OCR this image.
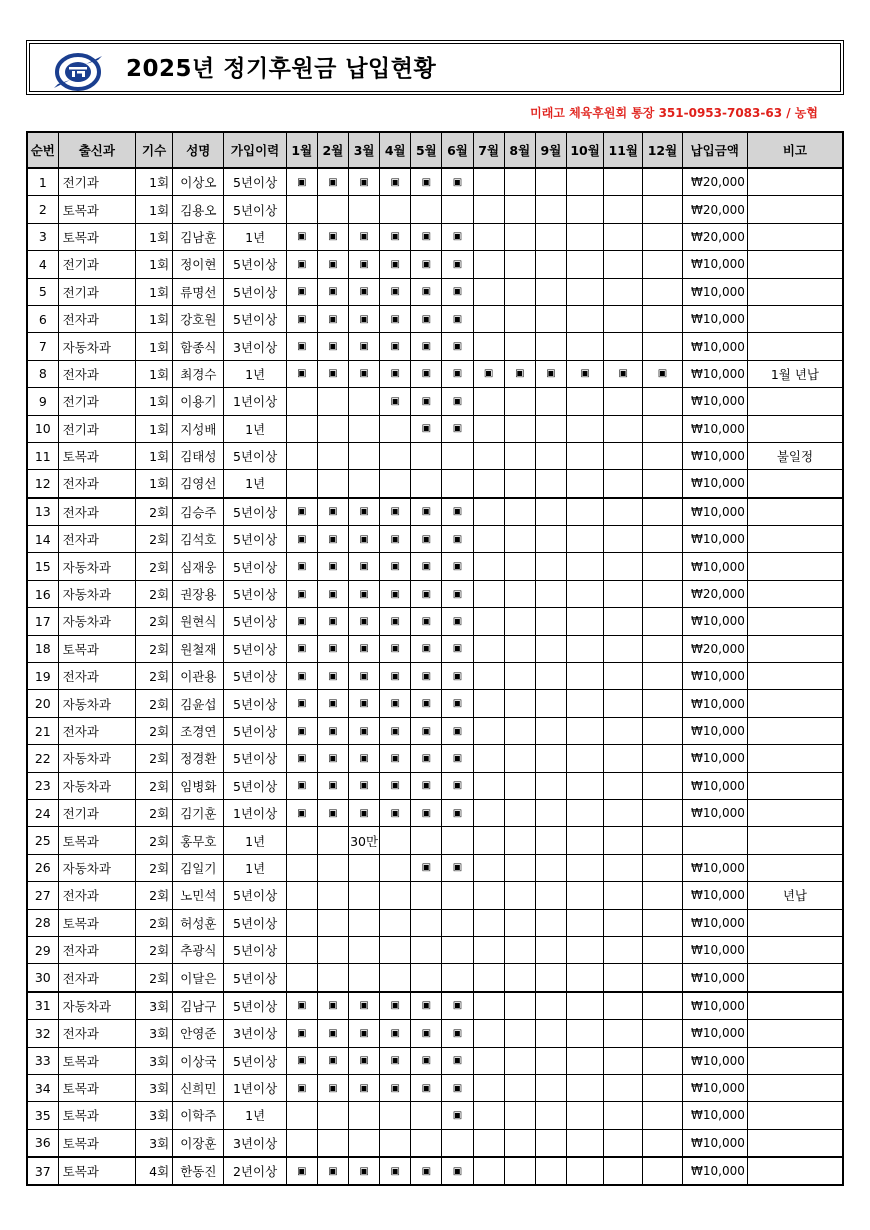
2025년 정기후원금 납입현황
미래고 체육후원회 통장 351-0953-7083-63 / 농협
순번	출신과	기수	성명	가입이력	1월	2월	3월	4월	5월	6월	7월	8월	9월	10월	11월	12월	납입금액	비고
1	전기과	1회	이상오	5년이상	▣	▣	▣	▣	▣	▣							₩20,000	
2	토목과	1회	김용오	5년이상													₩20,000	
3	토목과	1회	김남훈	1년	▣	▣	▣	▣	▣	▣							₩20,000	
4	전기과	1회	정이현	5년이상	▣	▣	▣	▣	▣	▣							₩10,000	
5	전기과	1회	류명선	5년이상	▣	▣	▣	▣	▣	▣							₩10,000	
6	전자과	1회	강호원	5년이상	▣	▣	▣	▣	▣	▣							₩10,000	
7	자동차과	1회	함종식	3년이상	▣	▣	▣	▣	▣	▣							₩10,000	
8	전자과	1회	최경수	1년	▣	▣	▣	▣	▣	▣	▣	▣	▣	▣	▣	▣	₩10,000	1월 년납
9	전기과	1회	이용기	1년이상				▣	▣	▣							₩10,000	
10	전기과	1회	지성배	1년					▣	▣							₩10,000	
11	토목과	1회	김태성	5년이상													₩10,000	불일정
12	전자과	1회	김영선	1년													₩10,000	
13	전자과	2회	김승주	5년이상	▣	▣	▣	▣	▣	▣							₩10,000	
14	전자과	2회	김석호	5년이상	▣	▣	▣	▣	▣	▣							₩10,000	
15	자동차과	2회	심재웅	5년이상	▣	▣	▣	▣	▣	▣							₩10,000	
16	자동차과	2회	권장용	5년이상	▣	▣	▣	▣	▣	▣							₩20,000	
17	자동차과	2회	원현식	5년이상	▣	▣	▣	▣	▣	▣							₩10,000	
18	토목과	2회	원철재	5년이상	▣	▣	▣	▣	▣	▣							₩20,000	
19	전자과	2회	이관용	5년이상	▣	▣	▣	▣	▣	▣							₩10,000	
20	자동차과	2회	김윤섭	5년이상	▣	▣	▣	▣	▣	▣							₩10,000	
21	전자과	2회	조경연	5년이상	▣	▣	▣	▣	▣	▣							₩10,000	
22	자동차과	2회	정경환	5년이상	▣	▣	▣	▣	▣	▣							₩10,000	
23	자동차과	2회	임병화	5년이상	▣	▣	▣	▣	▣	▣							₩10,000	
24	전기과	2회	김기훈	1년이상	▣	▣	▣	▣	▣	▣							₩10,000	
25	토목과	2회	홍무호	1년			30만											
26	자동차과	2회	김일기	1년					▣	▣							₩10,000	
27	전자과	2회	노민석	5년이상													₩10,000	년납
28	토목과	2회	허성훈	5년이상													₩10,000	
29	전자과	2회	추광식	5년이상													₩10,000	
30	전자과	2회	이달은	5년이상													₩10,000	
31	자동차과	3회	김남구	5년이상	▣	▣	▣	▣	▣	▣							₩10,000	
32	전자과	3회	안영준	3년이상	▣	▣	▣	▣	▣	▣							₩10,000	
33	토목과	3회	이상국	5년이상	▣	▣	▣	▣	▣	▣							₩10,000	
34	토목과	3회	신희민	1년이상	▣	▣	▣	▣	▣	▣							₩10,000	
35	토목과	3회	이학주	1년						▣							₩10,000	
36	토목과	3회	이장훈	3년이상													₩10,000	
37	토목과	4회	한동진	2년이상	▣	▣	▣	▣	▣	▣							₩10,000	
